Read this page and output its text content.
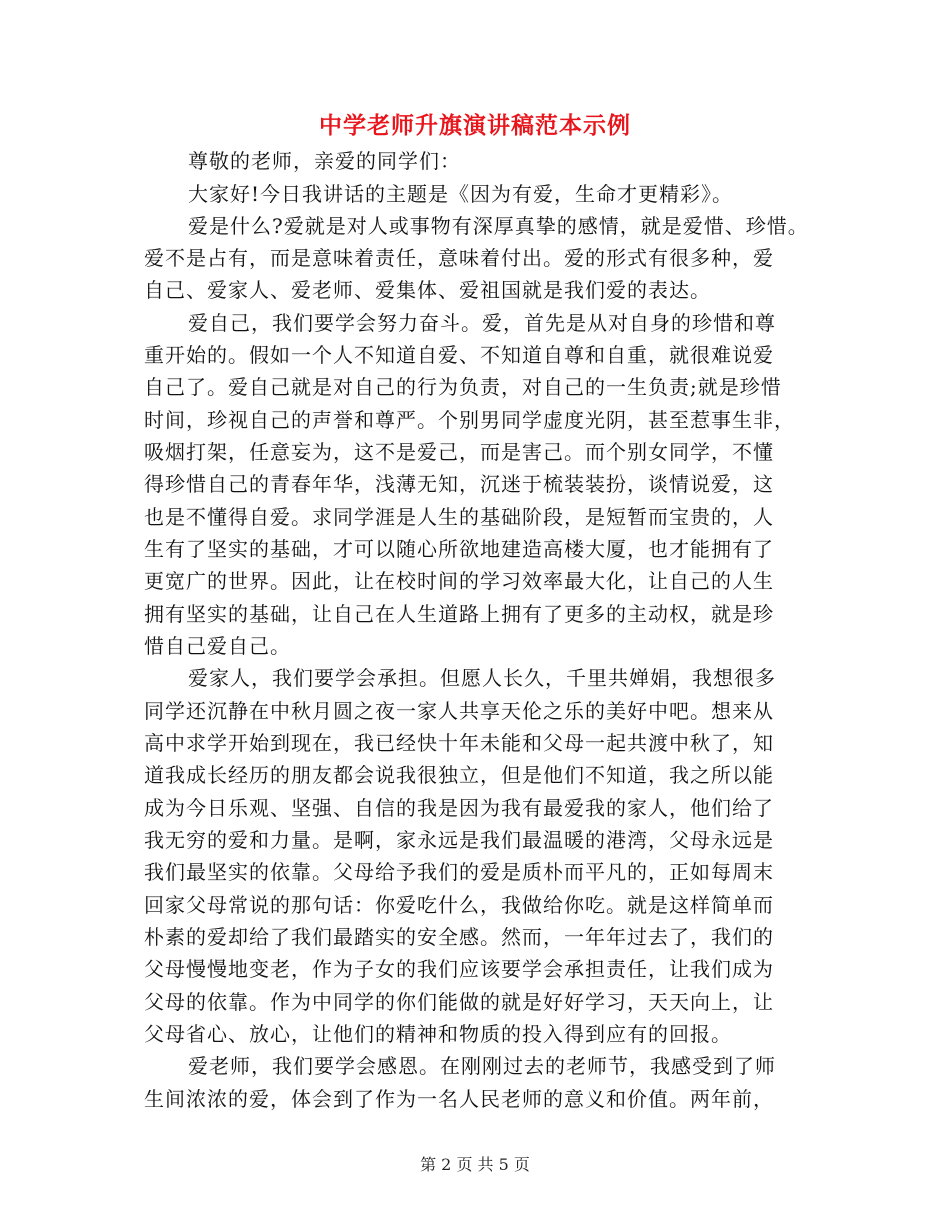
中学老师升旗演讲稿范本示例
尊敬的老师，亲爱的同学们：
大家好!今日我讲话的主题是《因为有爱，生命才更精彩》。
爱是什么?爱就是对人或事物有深厚真挚的感情，就是爱惜、珍惜。
爱不是占有，而是意味着责任，意味着付出。爱的形式有很多种，爱
自己、爱家人、爱老师、爱集体、爱祖国就是我们爱的表达。
爱自己，我们要学会努力奋斗。爱，首先是从对自身的珍惜和尊
重开始的。假如一个人不知道自爱、不知道自尊和自重，就很难说爱
自己了。爱自己就是对自己的行为负责，对自己的一生负责;就是珍惜
时间，珍视自己的声誉和尊严。个别男同学虚度光阴，甚至惹事生非，
吸烟打架，任意妄为，这不是爱己，而是害己。而个别女同学，不懂
得珍惜自己的青春年华，浅薄无知，沉迷于梳装装扮，谈情说爱，这
也是不懂得自爱。求同学涯是人生的基础阶段，是短暂而宝贵的，人
生有了坚实的基础，才可以随心所欲地建造高楼大厦，也才能拥有了
更宽广的世界。因此，让在校时间的学习效率最大化，让自己的人生
拥有坚实的基础，让自己在人生道路上拥有了更多的主动权，就是珍
惜自己爱自己。
爱家人，我们要学会承担。但愿人长久，千里共婵娟，我想很多
同学还沉静在中秋月圆之夜一家人共享天伦之乐的美好中吧。想来从
高中求学开始到现在，我已经快十年未能和父母一起共渡中秋了，知
道我成长经历的朋友都会说我很独立，但是他们不知道，我之所以能
成为今日乐观、坚强、自信的我是因为我有最爱我的家人，他们给了
我无穷的爱和力量。是啊，家永远是我们最温暖的港湾，父母永远是
我们最坚实的依靠。父母给予我们的爱是质朴而平凡的，正如每周末
回家父母常说的那句话：你爱吃什么，我做给你吃。就是这样简单而
朴素的爱却给了我们最踏实的安全感。然而，一年年过去了，我们的
父母慢慢地变老，作为子女的我们应该要学会承担责任，让我们成为
父母的依靠。作为中同学的你们能做的就是好好学习，天天向上，让
父母省心、放心，让他们的精神和物质的投入得到应有的回报。
爱老师，我们要学会感恩。在刚刚过去的老师节，我感受到了师
生间浓浓的爱，体会到了作为一名人民老师的意义和价值。两年前，
第 2 页 共 5 页
